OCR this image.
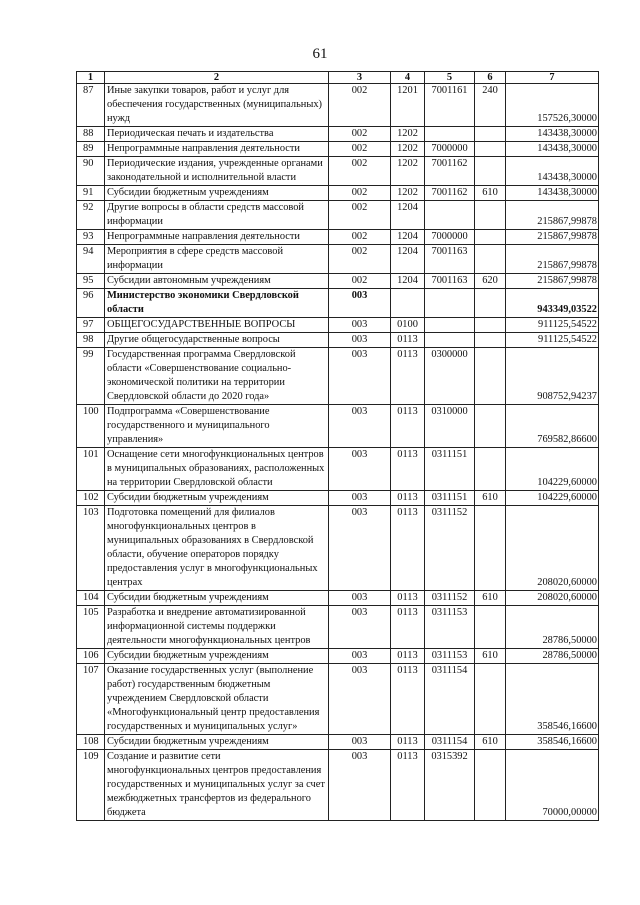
61
1	2	3	4	5	6	7
87	Иные закупки товаров, работ и услуг для обеспечения государственных (муниципальных) нужд	002	1201	7001161	240	157526,30000
88	Периодическая печать и издательства	002	1202			143438,30000
89	Непрограммные направления деятельности	002	1202	7000000		143438,30000
90	Периодические издания, учрежденные органами законодательной и исполнительной власти	002	1202	7001162		143438,30000
91	Субсидии бюджетным учреждениям	002	1202	7001162	610	143438,30000
92	Другие вопросы в области средств массовой информации	002	1204			215867,99878
93	Непрограммные направления деятельности	002	1204	7000000		215867,99878
94	Мероприятия в сфере средств массовой информации	002	1204	7001163		215867,99878
95	Субсидии автономным учреждениям	002	1204	7001163	620	215867,99878
96	Министерство экономики Свердловской области	003				943349,03522
97	ОБЩЕГОСУДАРСТВЕННЫЕ ВОПРОСЫ	003	0100			911125,54522
98	Другие общегосударственные вопросы	003	0113			911125,54522
99	Государственная программа Свердловской области «Совершенствование социально-экономической политики на территории Свердловской области до 2020 года»	003	0113	0300000		908752,94237
100	Подпрограмма «Совершенствование государственного и муниципального управления»	003	0113	0310000		769582,86600
101	Оснащение сети многофункциональных центров в муниципальных образованиях, расположенных на территории Свердловской области	003	0113	0311151		104229,60000
102	Субсидии бюджетным учреждениям	003	0113	0311151	610	104229,60000
103	Подготовка помещений для филиалов многофункциональных центров в муниципальных образованиях в Свердловской области, обучение операторов порядку предоставления услуг в многофункциональных центрах	003	0113	0311152		208020,60000
104	Субсидии бюджетным учреждениям	003	0113	0311152	610	208020,60000
105	Разработка и внедрение автоматизированной информационной системы поддержки деятельности многофункциональных центров	003	0113	0311153		28786,50000
106	Субсидии бюджетным учреждениям	003	0113	0311153	610	28786,50000
107	Оказание государственных услуг (выполнение работ) государственным бюджетным учреждением Свердловской области «Многофункциональный центр предоставления государственных и муниципальных услуг»	003	0113	0311154		358546,16600
108	Субсидии бюджетным учреждениям	003	0113	0311154	610	358546,16600
109	Создание и развитие сети многофункциональных центров предоставления государственных и муниципальных услуг за счет межбюджетных трансфертов из федерального бюджета	003	0113	0315392		70000,00000
